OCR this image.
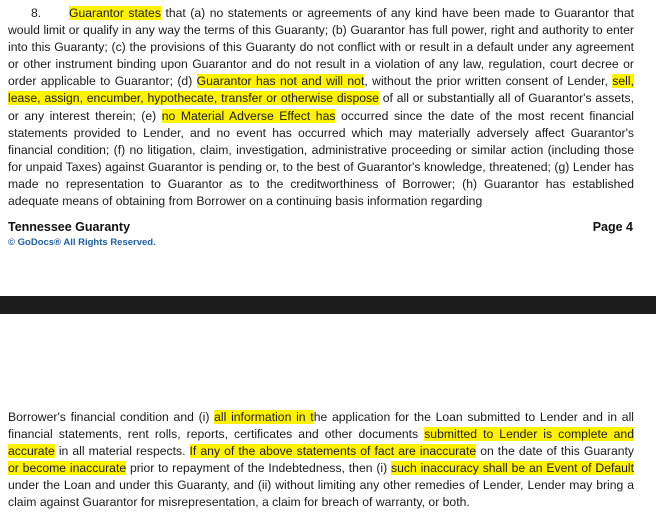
8. Guarantor states that (a) no statements or agreements of any kind have been made to Guarantor that would limit or qualify in any way the terms of this Guaranty; (b) Guarantor has full power, right and authority to enter into this Guaranty; (c) the provisions of this Guaranty do not conflict with or result in a default under any agreement or other instrument binding upon Guarantor and do not result in a violation of any law, regulation, court decree or order applicable to Guarantor; (d) Guarantor has not and will not, without the prior written consent of Lender, sell, lease, assign, encumber, hypothecate, transfer or otherwise dispose of all or substantially all of Guarantor's assets, or any interest therein; (e) no Material Adverse Effect has occurred since the date of the most recent financial statements provided to Lender, and no event has occurred which may materially adversely affect Guarantor's financial condition; (f) no litigation, claim, investigation, administrative proceeding or similar action (including those for unpaid Taxes) against Guarantor is pending or, to the best of Guarantor's knowledge, threatened; (g) Lender has made no representation to Guarantor as to the creditworthiness of Borrower; (h) Guarantor has established adequate means of obtaining from Borrower on a continuing basis information regarding
Tennessee Guaranty	Page 4
© GoDocs® All Rights Reserved.
Borrower's financial condition and (i) all information in the application for the Loan submitted to Lender and in all financial statements, rent rolls, reports, certificates and other documents submitted to Lender is complete and accurate in all material respects. If any of the above statements of fact are inaccurate on the date of this Guaranty or become inaccurate prior to repayment of the Indebtedness, then (i) such inaccuracy shall be an Event of Default under the Loan and under this Guaranty, and (ii) without limiting any other remedies of Lender, Lender may bring a claim against Guarantor for misrepresentation, a claim for breach of warranty, or both.
